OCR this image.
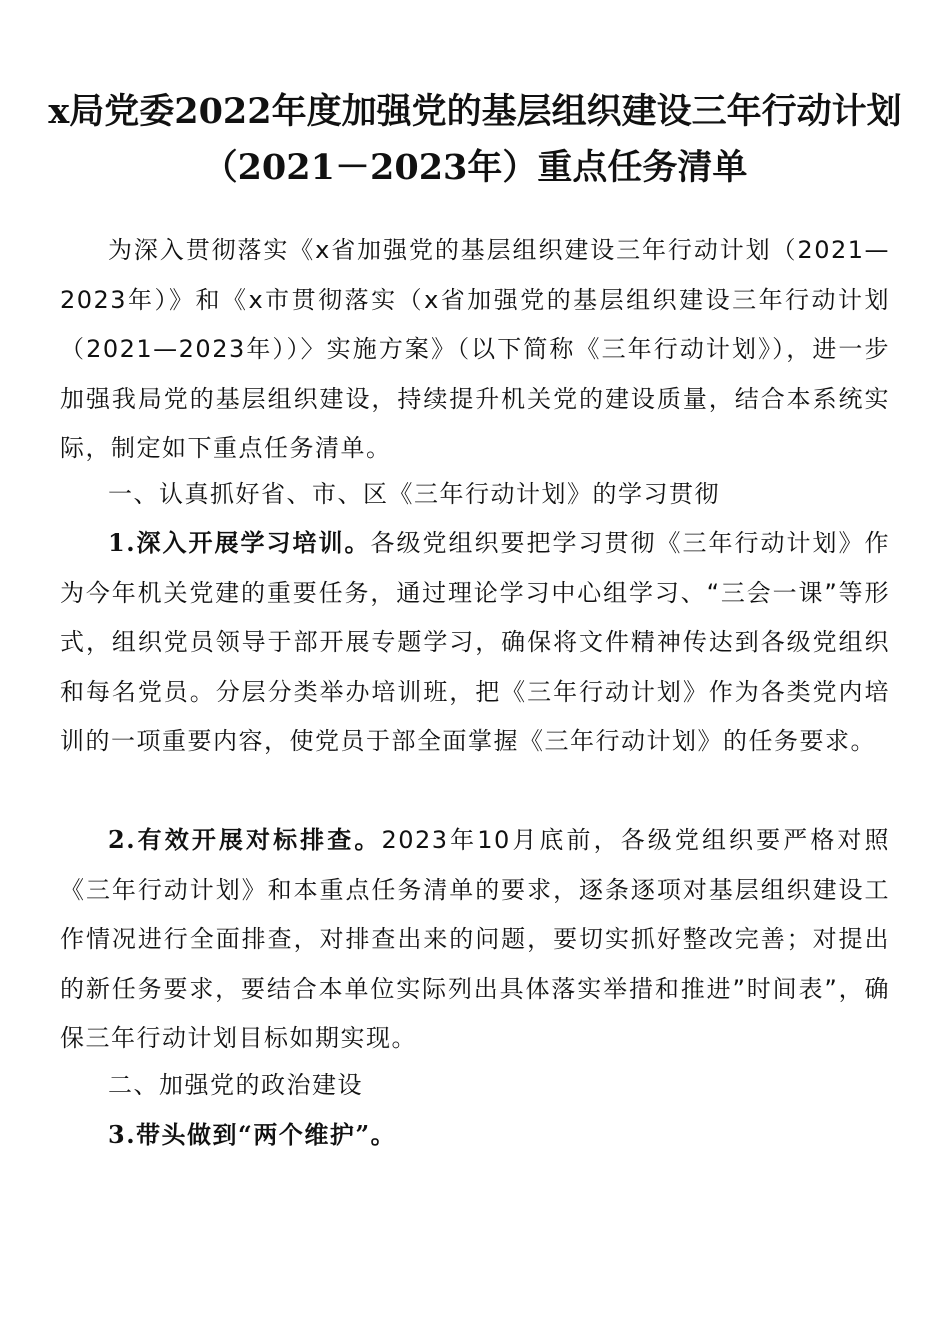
x局党委2022年度加强党的基层组织建设三年行动计划（2021－2023年）重点任务清单

为深入贯彻落实《x省加强党的基层组织建设三年行动计划（2021—2023年）》和《x市贯彻落实（x省加强党的基层组织建设三年行动计划（2021—2023年））〉实施方案》（以下简称《三年行动计划》），进一步加强我局党的基层组织建设，持续提升机关党的建设质量，结合本系统实际，制定如下重点任务清单。

一、认真抓好省、市、区《三年行动计划》的学习贯彻

1.深入开展学习培训。各级党组织要把学习贯彻《三年行动计划》作为今年机关党建的重要任务，通过理论学习中心组学习、“三会一课”等形式，组织党员领导于部开展专题学习，确保将文件精神传达到各级党组织和每名党员。分层分类举办培训班，把《三年行动计划》作为各类党内培训的一项重要内容，使党员于部全面掌握《三年行动计划》的任务要求。

2.有效开展对标排查。2023年10月底前，各级党组织要严格对照《三年行动计划》和本重点任务清单的要求，逐条逐项对基层组织建设工作情况进行全面排查，对排查出来的问题，要切实抓好整改完善；对提出的新任务要求，要结合本单位实际列出具体落实举措和推进”时间表”，确保三年行动计划目标如期实现。

二、加强党的政治建设

3.带头做到“两个维护”。
